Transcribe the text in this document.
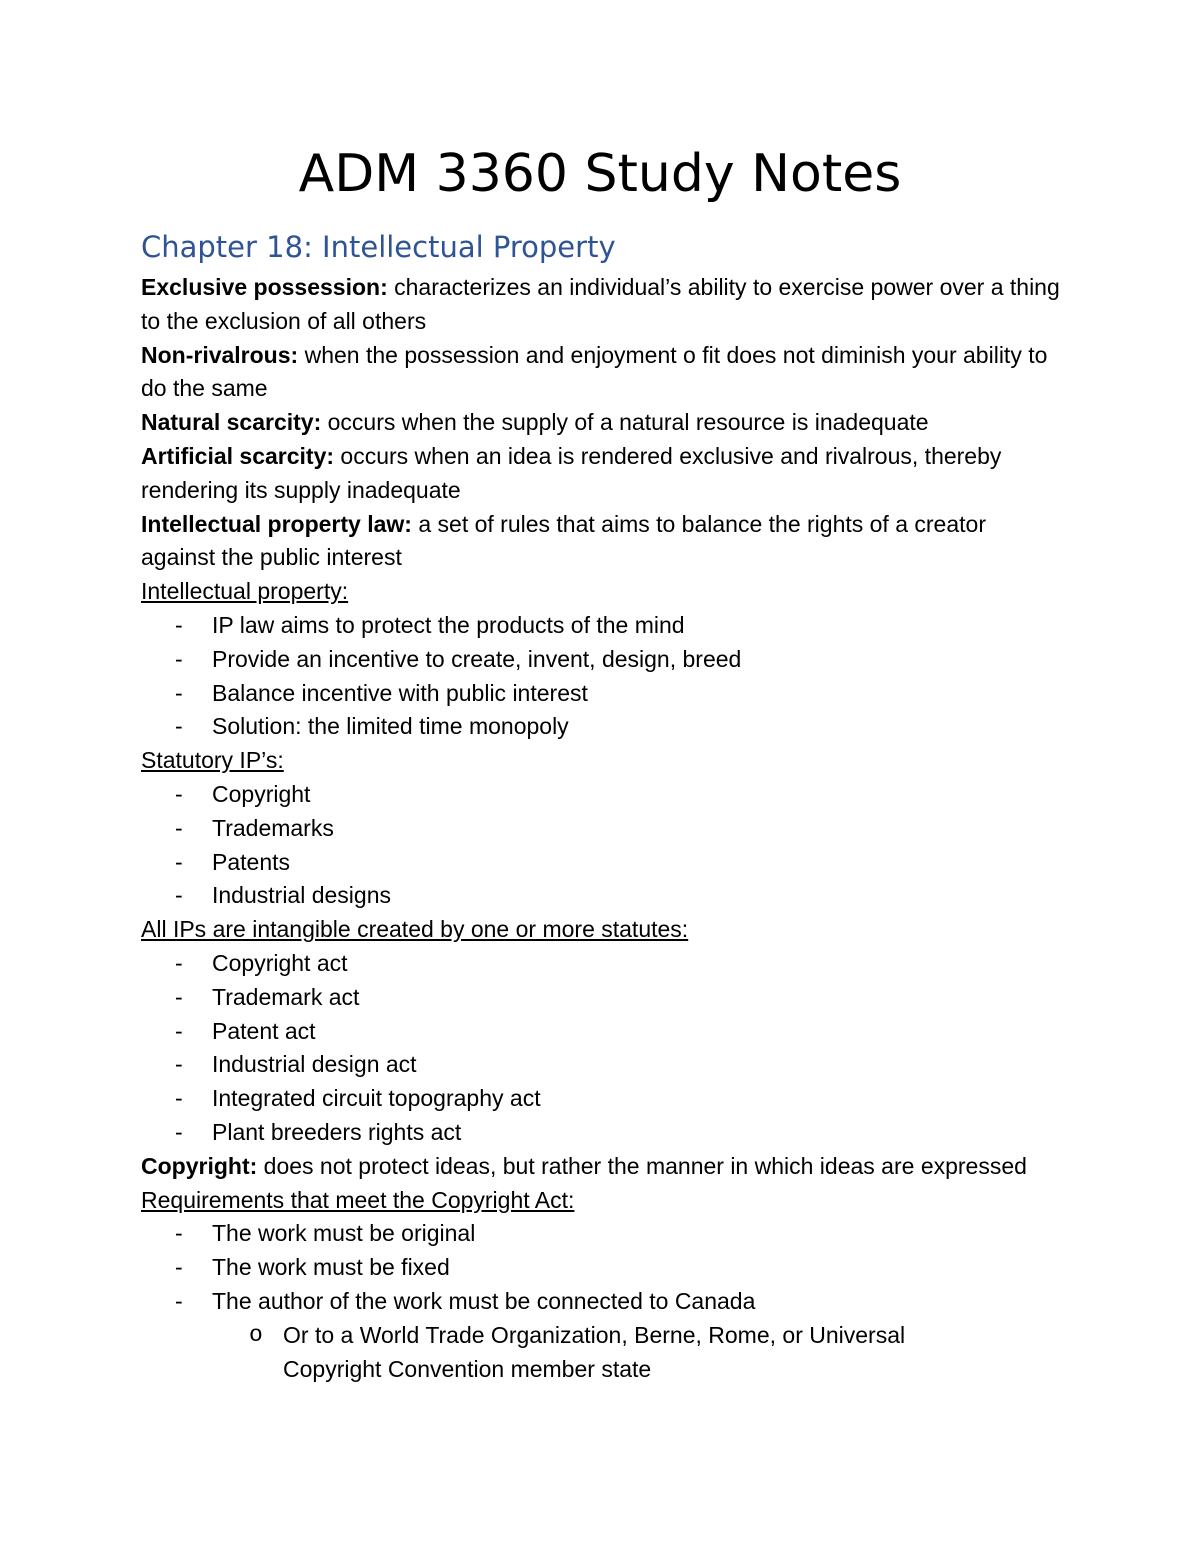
ADM 3360 Study Notes
Chapter 18: Intellectual Property

Exclusive possession: characterizes an individual’s ability to exercise power over a thing to the exclusion of all others

Non-rivalrous: when the possession and enjoyment o fit does not diminish your ability to do the same

Natural scarcity: occurs when the supply of a natural resource is inadequate

Artificial scarcity: occurs when an idea is rendered exclusive and rivalrous, thereby rendering its supply inadequate

Intellectual property law: a set of rules that aims to balance the rights of a creator against the public interest

Intellectual property:

- IP law aims to protect the products of the mind
- Provide an incentive to create, invent, design, breed
- Balance incentive with public interest
- Solution: the limited time monopoly

Statutory IP’s:

- Copyright
- Trademarks
- Patents
- Industrial designs

All IPs are intangible created by one or more statutes:

- Copyright act
- Trademark act
- Patent act
- Industrial design act
- Integrated circuit topography act
- Plant breeders rights act

Copyright: does not protect ideas, but rather the manner in which ideas are expressed

Requirements that meet the Copyright Act:

- The work must be original
- The work must be fixed
- The author of the work must be connected to Canada
o Or to a World Trade Organization, Berne, Rome, or Universal Copyright Convention member state
